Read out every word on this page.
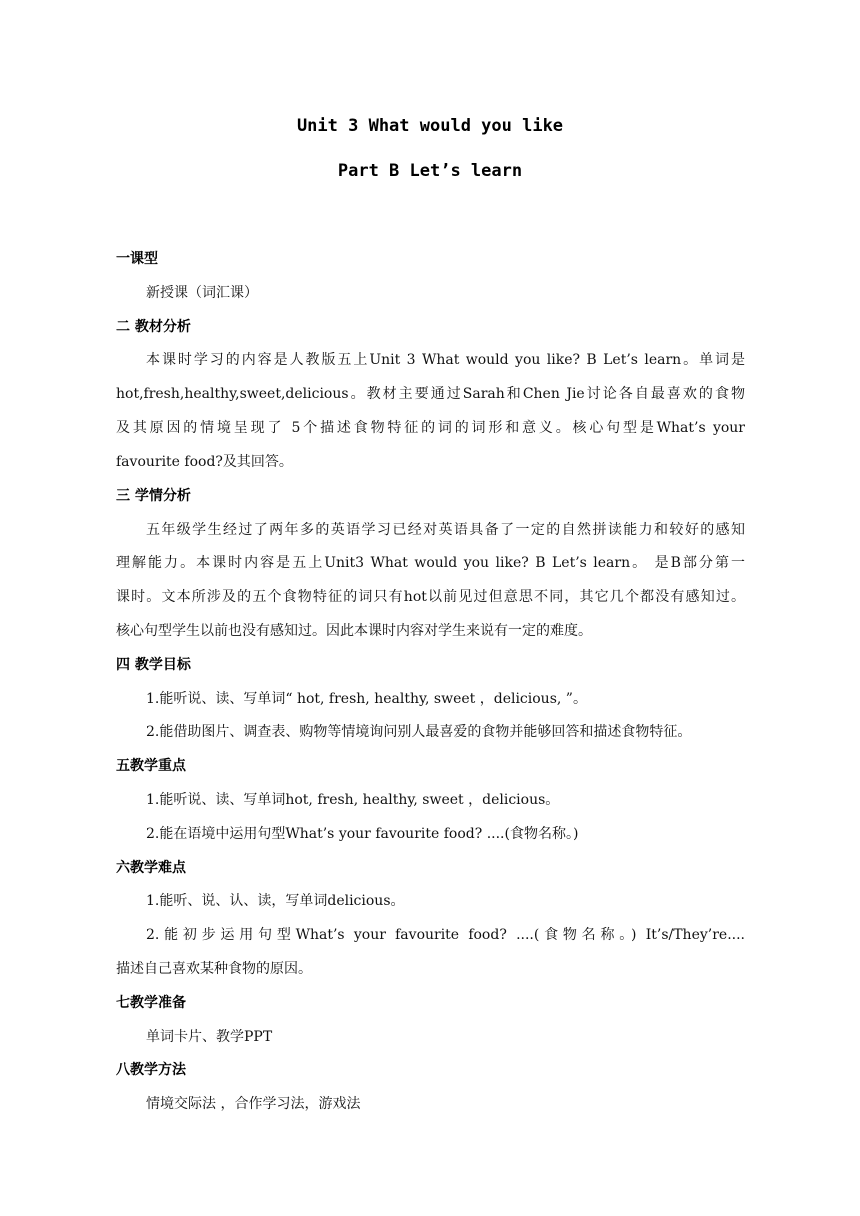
Unit 3 What would you like
Part B Let’s learn
一课型
新授课（词汇课）
二 教材分析
本课时学习的内容是人教版五上Unit 3 What would you like? B Let’s learn。单词是
hot,fresh,healthy,sweet,delicious。教材主要通过Sarah和Chen Jie讨论各自最喜欢的食物
及其原因的情境呈现了 5个描述食物特征的词的词形和意义。核心句型是What’s your
favourite food?及其回答。
三 学情分析
五年级学生经过了两年多的英语学习已经对英语具备了一定的自然拼读能力和较好的感知
理解能力。本课时内容是五上Unit3 What would you like? B Let’s learn。 是B部分第一
课时。文本所涉及的五个食物特征的词只有hot以前见过但意思不同，其它几个都没有感知过。
核心句型学生以前也没有感知过。因此本课时内容对学生来说有一定的难度。
四 教学目标
1.能听说、读、写单词“ hot, fresh, healthy, sweet ，delicious, ”。
2.能借助图片、调查表、购物等情境询问别人最喜爱的食物并能够回答和描述食物特征。
五教学重点
1.能听说、读、写单词hot, fresh, healthy, sweet ，delicious。
2.能在语境中运用句型What’s your favourite food? ....(食物名称。)
六教学难点
1.能听、说、认、读，写单词delicious。
2.能初步运用句型What’s your favourite food? ....(食物名称。) It’s/They’re....
描述自己喜欢某种食物的原因。
七教学准备
单词卡片、教学PPT
八教学方法
情境交际法 ，合作学习法，游戏法
